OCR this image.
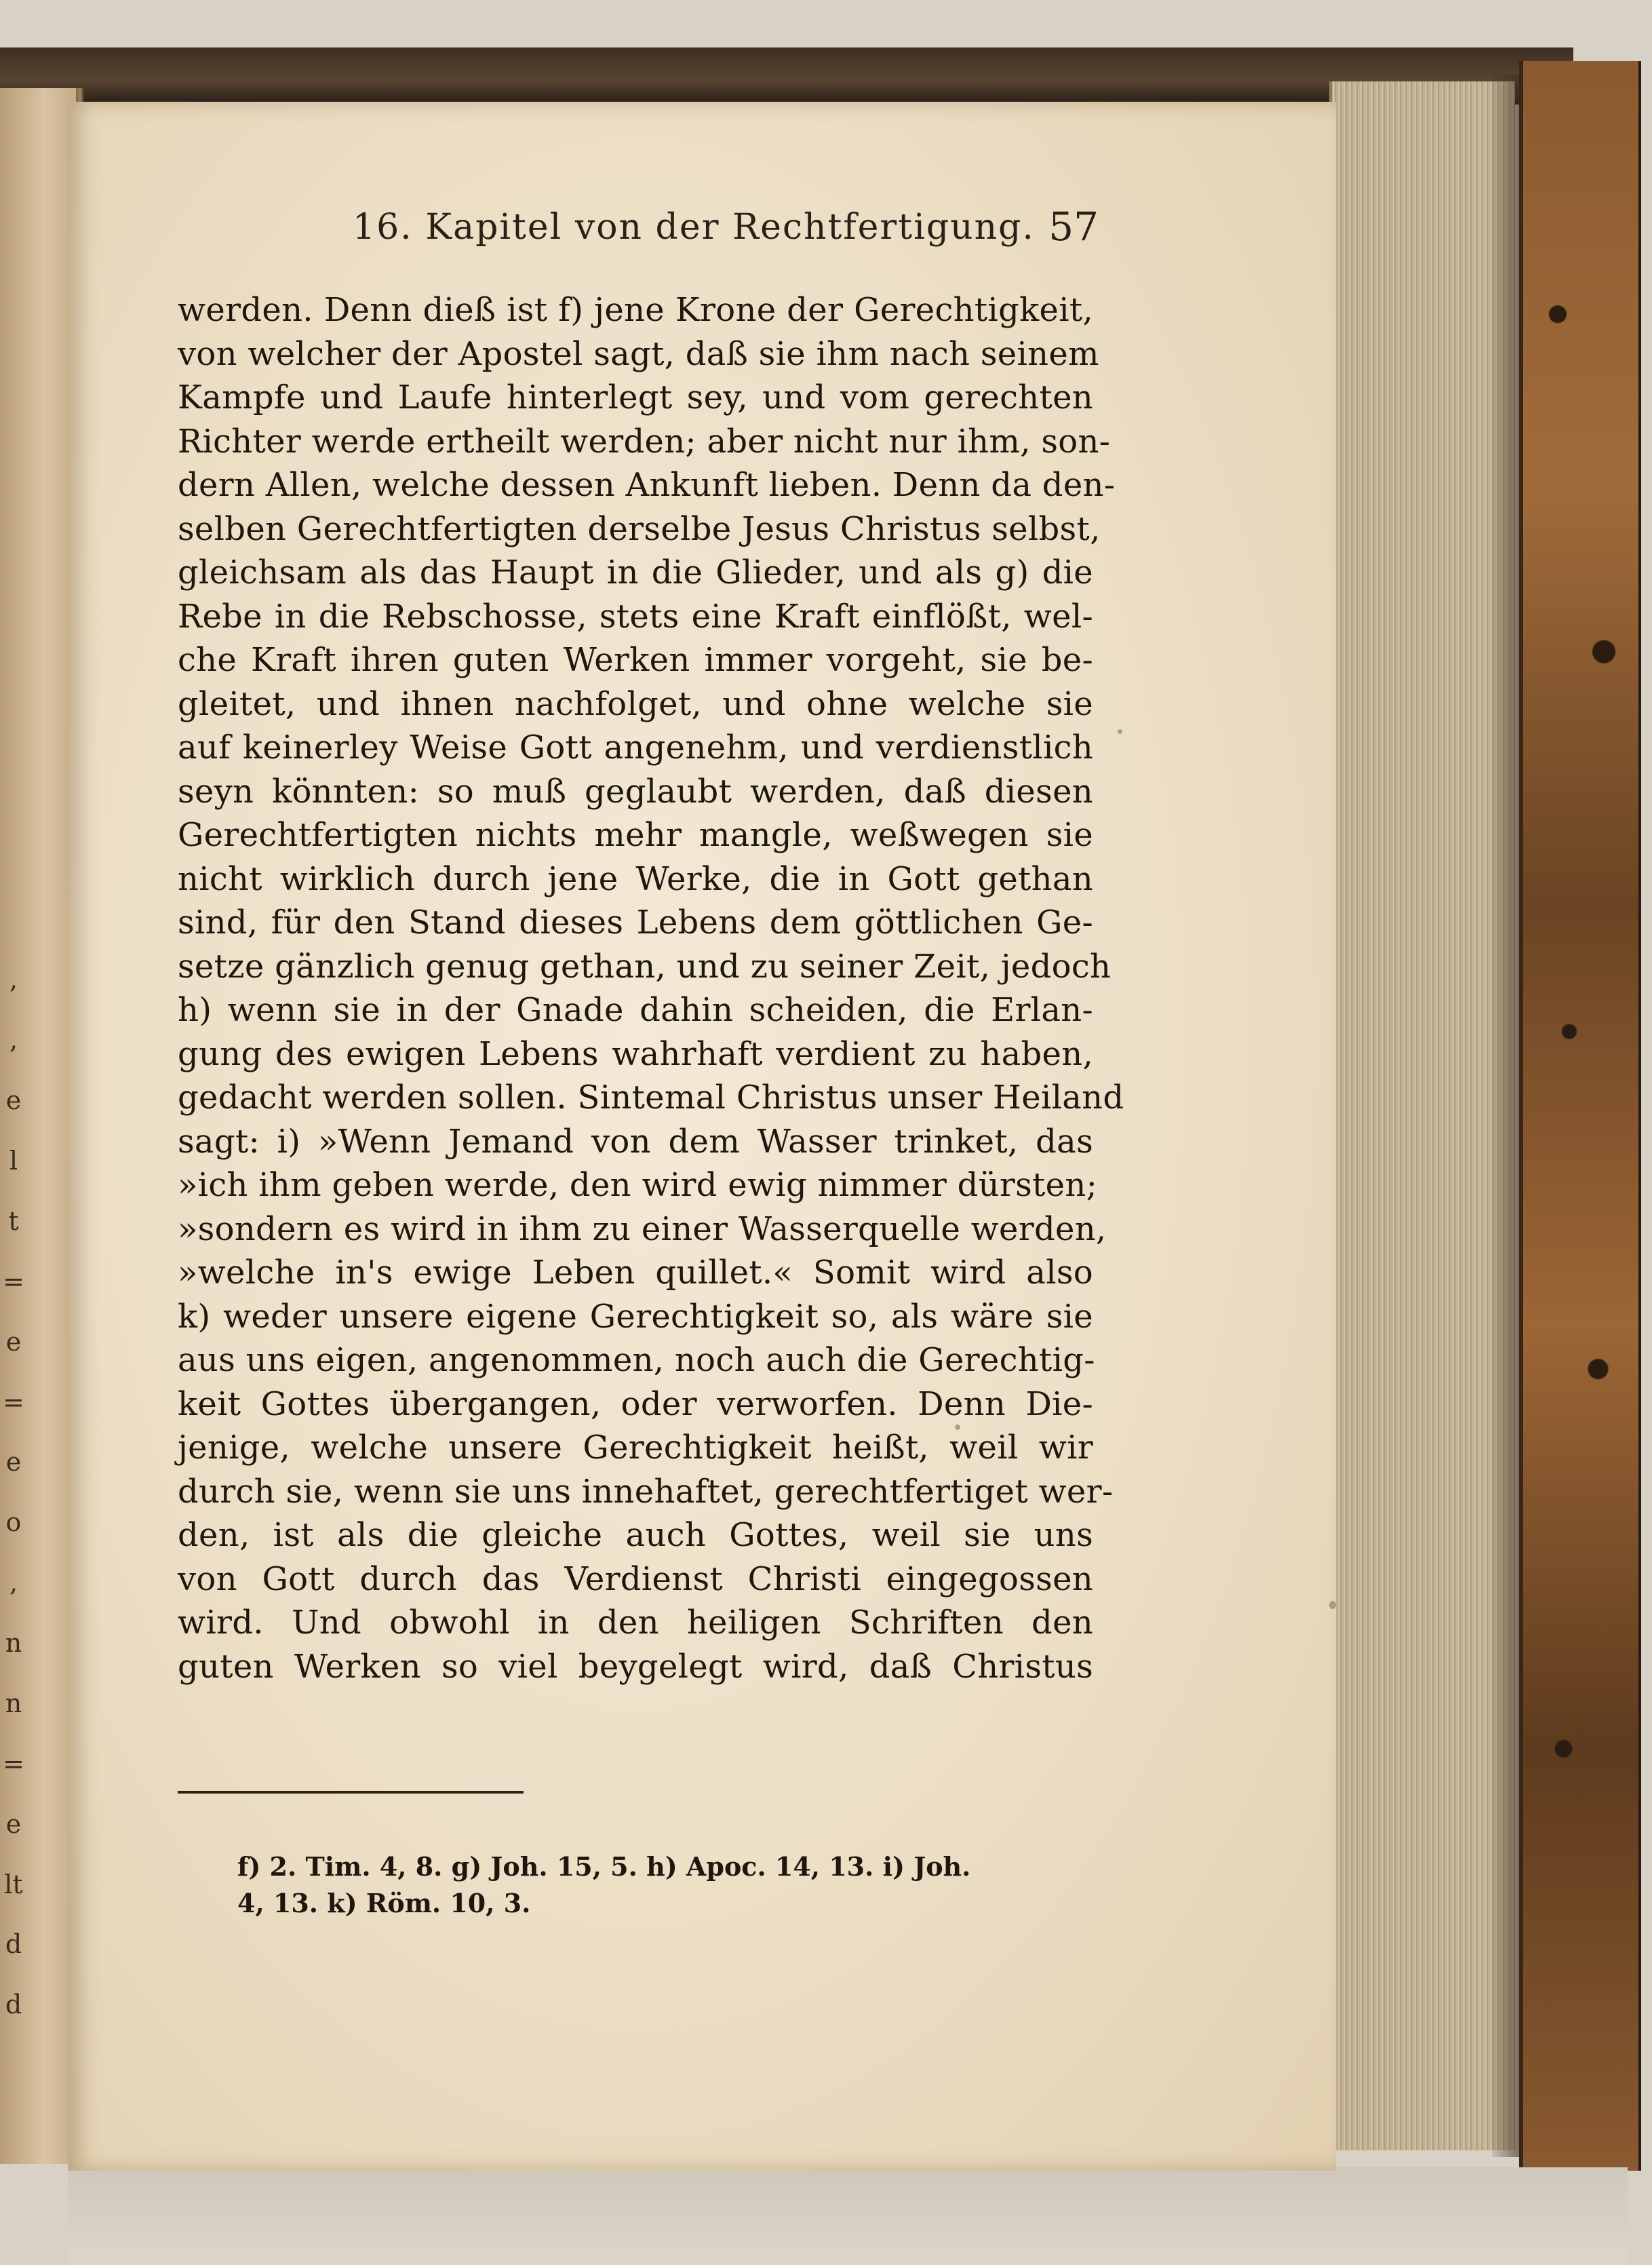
,
,
e
l
t
=
e
=
e
o
,
n
n
=
e
lt
d
d
16. Kapitel von der Rechtfertigung. 57
werden. Denn dieß ist f) jene Krone der Gerechtigkeit,
von welcher der Apostel sagt, daß sie ihm nach seinem
Kampfe und Laufe hinterlegt sey, und vom gerechten
Richter werde ertheilt werden; aber nicht nur ihm, son-
dern Allen, welche dessen Ankunft lieben. Denn da den-
selben Gerechtfertigten derselbe Jesus Christus selbst,
gleichsam als das Haupt in die Glieder, und als g) die
Rebe in die Rebschosse, stets eine Kraft einflößt, wel-
che Kraft ihren guten Werken immer vorgeht, sie be-
gleitet, und ihnen nachfolget, und ohne welche sie
auf keinerley Weise Gott angenehm, und verdienstlich
seyn könnten: so muß geglaubt werden, daß diesen
Gerechtfertigten nichts mehr mangle, weßwegen sie
nicht wirklich durch jene Werke, die in Gott gethan
sind, für den Stand dieses Lebens dem göttlichen Ge-
setze gänzlich genug gethan, und zu seiner Zeit, jedoch
h) wenn sie in der Gnade dahin scheiden, die Erlan-
gung des ewigen Lebens wahrhaft verdient zu haben,
gedacht werden sollen. Sintemal Christus unser Heiland
sagt: i) »Wenn Jemand von dem Wasser trinket, das
»ich ihm geben werde, den wird ewig nimmer dürsten;
»sondern es wird in ihm zu einer Wasserquelle werden,
»welche in's ewige Leben quillet.« Somit wird also
k) weder unsere eigene Gerechtigkeit so, als wäre sie
aus uns eigen, angenommen, noch auch die Gerechtig-
keit Gottes übergangen, oder verworfen. Denn Die-
jenige, welche unsere Gerechtigkeit heißt, weil wir
durch sie, wenn sie uns innehaftet, gerechtfertiget wer-
den, ist als die gleiche auch Gottes, weil sie uns
von Gott durch das Verdienst Christi eingegossen
wird. Und obwohl in den heiligen Schriften den
guten Werken so viel beygelegt wird, daß Christus
f) 2. Tim. 4, 8. g) Joh. 15, 5. h) Apoc. 14, 13. i) Joh.
4, 13. k) Röm. 10, 3.
